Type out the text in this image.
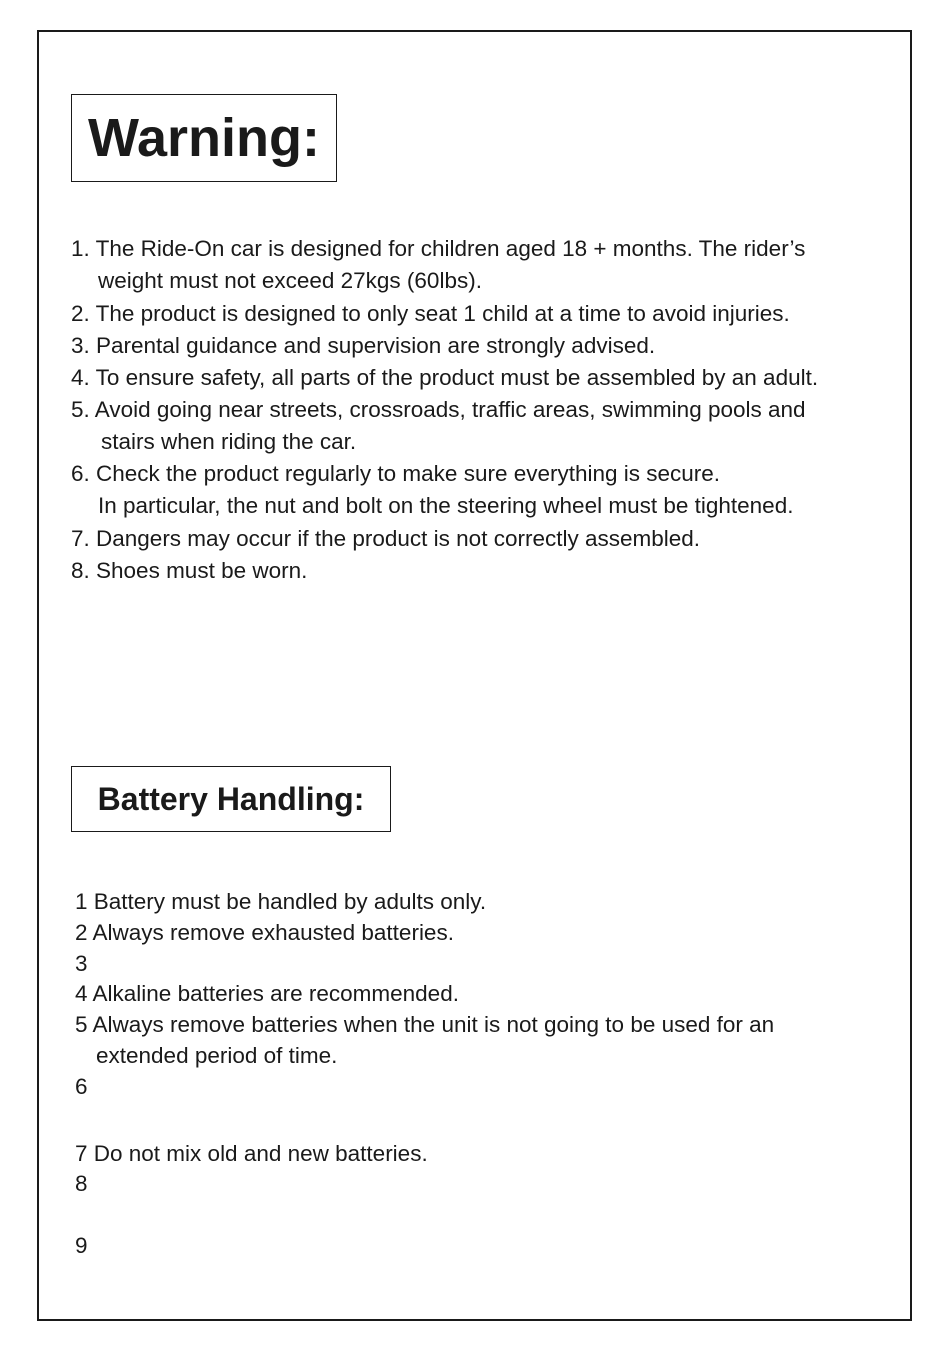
Warning:
1. The Ride-On car is designed for children aged 18 + months. The rider’s
weight must not exceed 27kgs (60lbs).
2. The product is designed to only seat 1 child at a time to avoid injuries.
3. Parental guidance and supervision are strongly advised.
4. To ensure safety, all parts of the product must be assembled by an adult.
5. Avoid going near streets, crossroads, traffic areas, swimming pools and
stairs when riding the car.
6. Check the product regularly to make sure everything is secure.
In particular, the nut and bolt on the steering wheel must be tightened.
7. Dangers may occur if the product is not correctly assembled.
8. Shoes must be worn.
Battery Handling:
1 Battery must be handled by adults only.
2 Always remove exhausted batteries.
3
4 Alkaline batteries are recommended.
5 Always remove batteries when the unit is not going to be used for an
extended period of time.
6
7 Do not mix old and new batteries.
8
9
